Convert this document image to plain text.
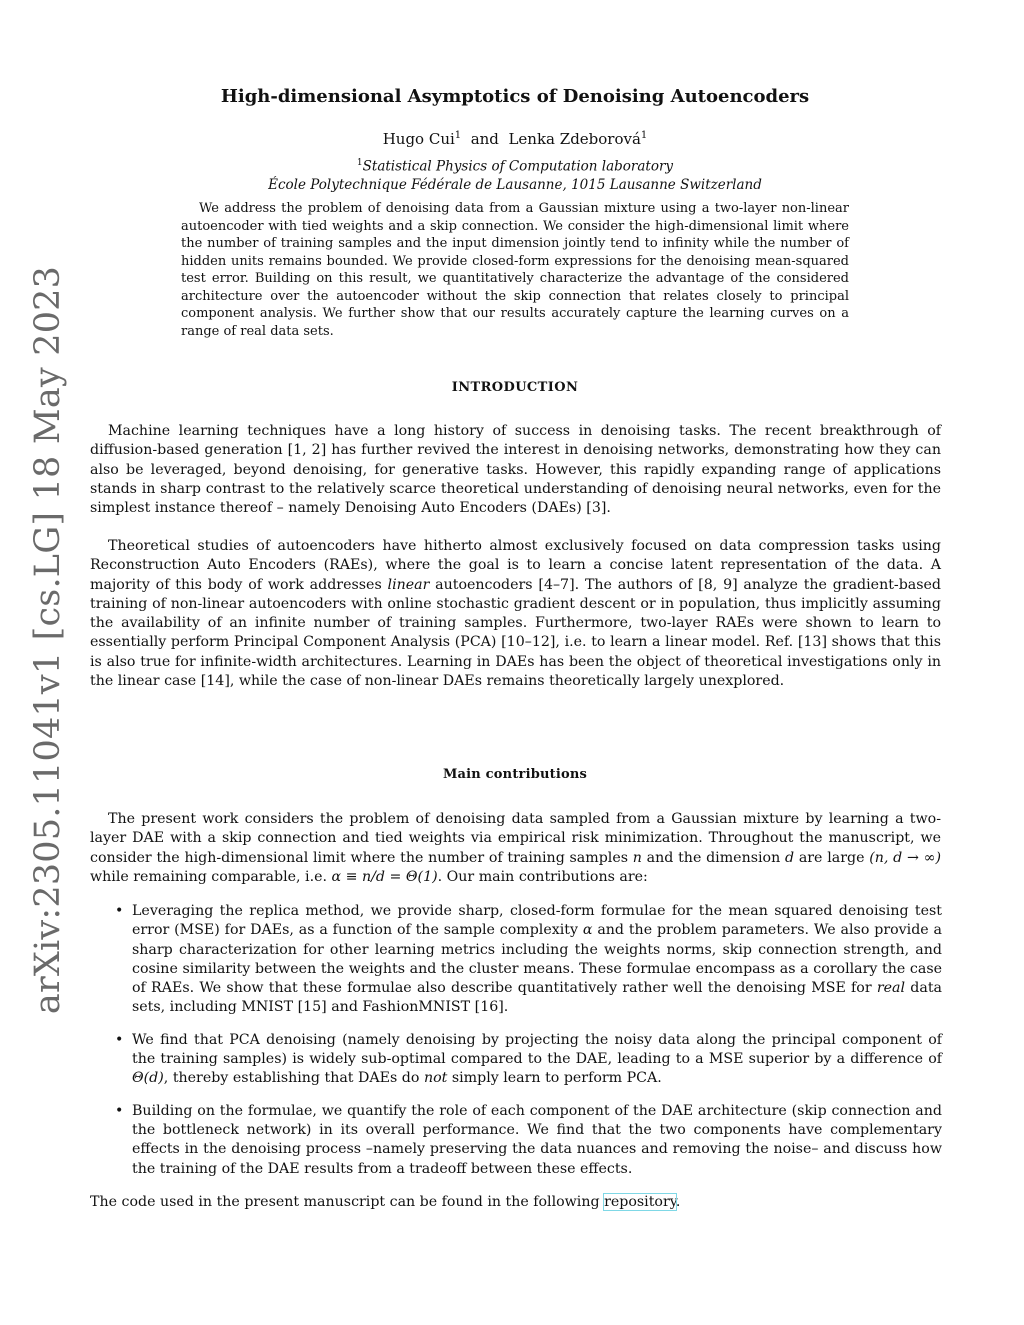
arXiv:2305.11041v1 [cs.LG] 18 May 2023
High-dimensional Asymptotics of Denoising Autoencoders
Hugo Cui$^1$ and Lenka Zdeborová$^1$
$^1$Statistical Physics of Computation laboratory
École Polytechnique Fédérale de Lausanne, 1015 Lausanne Switzerland

We address the problem of denoising data from a Gaussian mixture using a two-layer non-linear autoencoder with tied weights and a skip connection. We consider the high-dimensional limit where the number of training samples and the input dimension jointly tend to infinity while the number of hidden units remains bounded. We provide closed-form expressions for the denoising mean-squared test error. Building on this result, we quantitatively characterize the advantage of the considered architecture over the autoencoder without the skip connection that relates closely to principal component analysis. We further show that our results accurately capture the learning curves on a range of real data sets.

INTRODUCTION

Machine learning techniques have a long history of success in denoising tasks. The recent breakthrough of diffusion-based generation [1, 2] has further revived the interest in denoising networks, demonstrating how they can also be leveraged, beyond denoising, for generative tasks. However, this rapidly expanding range of applications stands in sharp contrast to the relatively scarce theoretical understanding of denoising neural networks, even for the simplest instance thereof – namely Denoising Auto Encoders (DAEs) [3].

Theoretical studies of autoencoders have hitherto almost exclusively focused on data compression tasks using Reconstruction Auto Encoders (RAEs), where the goal is to learn a concise latent representation of the data. A majority of this body of work addresses linear autoencoders [4–7]. The authors of [8, 9] analyze the gradient-based training of non-linear autoencoders with online stochastic gradient descent or in population, thus implicitly assuming the availability of an infinite number of training samples. Furthermore, two-layer RAEs were shown to learn to essentially perform Principal Component Analysis (PCA) [10–12], i.e. to learn a linear model. Ref. [13] shows that this is also true for infinite-width architectures. Learning in DAEs has been the object of theoretical investigations only in the linear case [14], while the case of non-linear DAEs remains theoretically largely unexplored.

Main contributions

The present work considers the problem of denoising data sampled from a Gaussian mixture by learning a two-layer DAE with a skip connection and tied weights via empirical risk minimization. Throughout the manuscript, we consider the high-dimensional limit where the number of training samples n and the dimension d are large (n, d → ∞) while remaining comparable, i.e. α ≡ n/d = Θ(1). Our main contributions are:

• Leveraging the replica method, we provide sharp, closed-form formulae for the mean squared denoising test error (MSE) for DAEs, as a function of the sample complexity α and the problem parameters. We also provide a sharp characterization for other learning metrics including the weights norms, skip connection strength, and cosine similarity between the weights and the cluster means. These formulae encompass as a corollary the case of RAEs. We show that these formulae also describe quantitatively rather well the denoising MSE for real data sets, including MNIST [15] and FashionMNIST [16].
• We find that PCA denoising (namely denoising by projecting the noisy data along the principal component of the training samples) is widely sub-optimal compared to the DAE, leading to a MSE superior by a difference of Θ(d), thereby establishing that DAEs do not simply learn to perform PCA.
• Building on the formulae, we quantify the role of each component of the DAE architecture (skip connection and the bottleneck network) in its overall performance. We find that the two components have complementary effects in the denoising process –namely preserving the data nuances and removing the noise– and discuss how the training of the DAE results from a tradeoff between these effects.

The code used in the present manuscript can be found in the following repository.
